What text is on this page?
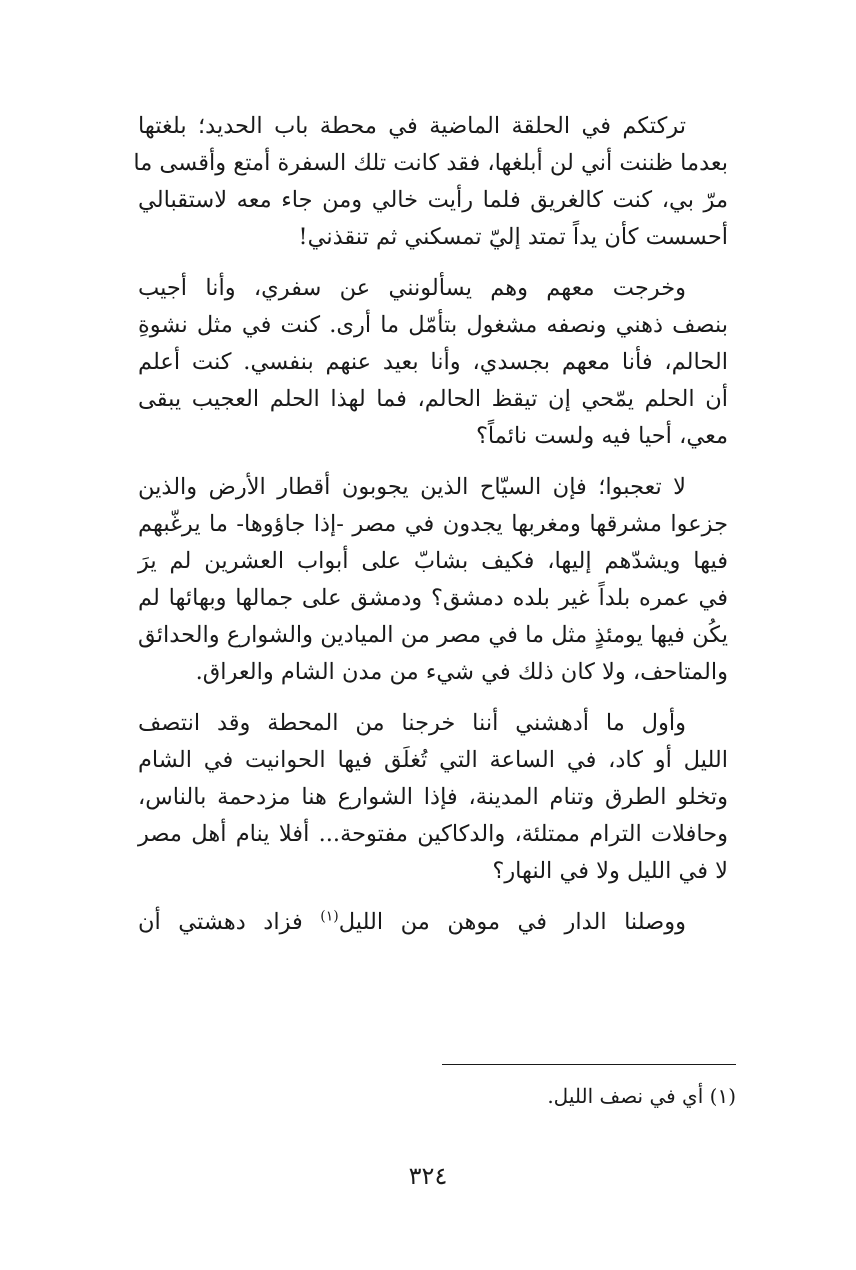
تركتكم في الحلقة الماضية في محطة باب الحديد؛ بلغتها
بعدما ظننت أني لن أبلغها، فقد كانت تلك السفرة أمتع وأقسى ما
مرّ بي، كنت كالغريق فلما رأيت خالي ومن جاء معه لاستقبالي
أحسست كأن يداً تمتد إليّ تمسكني ثم تنقذني!
وخرجت معهم وهم يسألونني عن سفري، وأنا أجيب
بنصف ذهني ونصفه مشغول بتأمّل ما أرى. كنت في مثل نشوةِ
الحالم، فأنا معهم بجسدي، وأنا بعيد عنهم بنفسي. كنت أعلم
أن الحلم يمّحي إن تيقظ الحالم، فما لهذا الحلم العجيب يبقى
معي، أحيا فيه ولست نائماً؟
لا تعجبوا؛ فإن السيّاح الذين يجوبون أقطار الأرض والذين
جزعوا مشرقها ومغربها يجدون في مصر -إذا جاؤوها- ما يرغّبهم
فيها ويشدّهم إليها، فكيف بشابّ على أبواب العشرين لم يرَ
في عمره بلداً غير بلده دمشق؟ ودمشق على جمالها وبهائها لم
يكُن فيها يومئذٍ مثل ما في مصر من الميادين والشوارع والحدائق
والمتاحف، ولا كان ذلك في شيء من مدن الشام والعراق.
وأول ما أدهشني أننا خرجنا من المحطة وقد انتصف
الليل أو كاد، في الساعة التي تُغلَق فيها الحوانيت في الشام
وتخلو الطرق وتنام المدينة، فإذا الشوارع هنا مزدحمة بالناس،
وحافلات الترام ممتلئة، والدكاكين مفتوحة... أفلا ينام أهل مصر
لا في الليل ولا في النهار؟
ووصلنا الدار في موهن من الليل$^{(١)}$ فزاد دهشتي أن
(١) أي في نصف الليل.
٣٢٤
